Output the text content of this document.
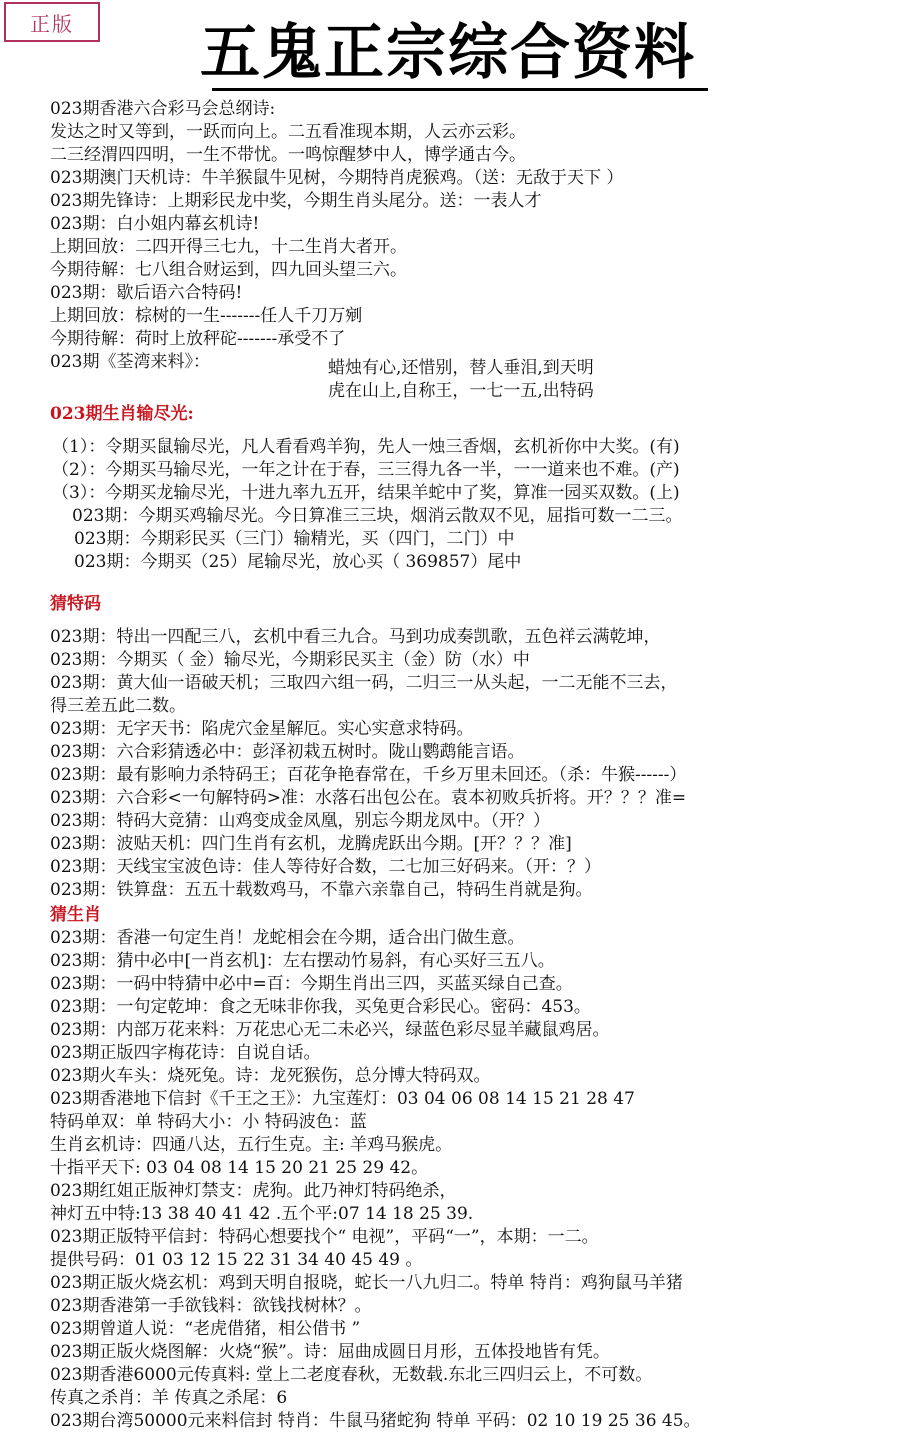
正版	五鬼正宗综合资料
023期香港六合彩马会总纲诗:
发达之时又等到，一跃而向上。二五看准现本期，人云亦云彩。
二三经渭四四明，一生不带忧。一鸣惊醒梦中人，博学通古今。
023期澳门天机诗：牛羊猴鼠牛见树，今期特肖虎猴鸡。（送：无敌于天下 ）
023期先锋诗：上期彩民龙中奖，今期生肖头尾分。送：一表人才
023期：白小姐内幕玄机诗!
上期回放：二四开得三七九，十二生肖大者开。
今期待解：七八组合财运到，四九回头望三六。
023期：歇后语六合特码!
上期回放：棕树的一生-------任人千刀万剜
今期待解：荷时上放秤砣-------承受不了
023期《荃湾来料》：	蜡烛有心,还惜别，替人垂泪,到天明
虎在山上,自称王，一七一五,出特码
023期生肖输尽光:
（1）：令期买鼠输尽光，凡人看看鸡羊狗，先人一烛三香烟，玄机祈你中大奖。(有)
（2）：今期买马输尽光，一年之计在于春，三三得九各一半，一一道来也不难。(产)
（3）：今期买龙输尽光，十进九率九五开，结果羊蛇中了奖，算准一园买双数。(上)
023期：今期买鸡输尽光。今日算准三三块，烟消云散双不见，屈指可数一二三。
023期：今期彩民买（三门）输精光，买（四门，二门）中
023期：今期买（25）尾输尽光，放心买（ 369857）尾中
猜特码
023期：特出一四配三八，玄机中看三九合。马到功成奏凯歌，五色祥云满乾坤，
023期：今期买（ 金）输尽光，今期彩民买主（金）防（水）中
023期：黄大仙一语破天机；三取四六组一码，二归三一从头起，一二无能不三去，
得三差五此二数。
023期：无字天书：陷虎穴金星解厄。实心实意求特码。
023期：六合彩猜透必中：彭泽初栽五树时。陇山鹦鹉能言语。
023期：最有影响力杀特码王；百花争艳春常在，千乡万里未回还。（杀：牛猴------）
023期：六合彩<一句解特码>准：水落石出包公在。袁本初败兵折将。开？？？准=
023期：特码大竞猜：山鸡变成金凤凰，别忘今期龙凤中。（开？）
023期：波贴天机：四门生肖有玄机，龙腾虎跃出今期。[开？？？准]
023期：天线宝宝波色诗：佳人等待好合数，二七加三好码来。（开：？）
023期：铁算盘：五五十载数鸡马，不靠六亲靠自己，特码生肖就是狗。
猜生肖
023期：香港一句定生肖！龙蛇相会在今期，适合出门做生意。
023期：猜中必中[一肖玄机]：左右摆动竹易斜，有心买好三五八。
023期：一码中特猜中必中=百：今期生肖出三四，买蓝买绿自己查。
023期：一句定乾坤：食之无味非你我，买兔更合彩民心。密码：453。
023期：内部万花来料：万花忠心无二未必兴，绿蓝色彩尽显羊藏鼠鸡居。
023期正版四字梅花诗：自说自话。
023期火车头：烧死兔。诗：龙死猴伤，总分博大特码双。
023期香港地下信封《千王之王》：九宝莲灯：03 04 06 08 14 15 21 28 47
特码单双：单 特码大小：小 特码波色：蓝
生肖玄机诗：四通八达，五行生克。主: 羊鸡马猴虎。
十指平天下: 03 04 08 14 15 20 21 25 29 42。
023期红姐正版神灯禁支：虎狗。此乃神灯特码绝杀，
神灯五中特:13 38 40 41 42 .五个平:07 14 18 25 39.
023期正版特平信封：特码心想要找个“ 电视”，平码“一”，本期：一二。
提供号码：01 03 12 15 22 31 34 40 45 49 。
023期正版火烧玄机：鸡到天明自报晓，蛇长一八九归二。特单 特肖：鸡狗鼠马羊猪
023期香港第一手欲钱料：欲钱找树林？。
023期曾道人说：“老虎借猪，相公借书 ”
023期正版火烧图解：火烧“猴”。诗：屈曲成圆日月形，五体投地皆有凭。
023期香港6000元传真料: 堂上二老度春秋，无数载.东北三四归云上，不可数。
传真之杀肖：羊 传真之杀尾：6
023期台湾50000元来料信封 特肖：牛鼠马猪蛇狗 特单 平码：02 10 19 25 36 45。
